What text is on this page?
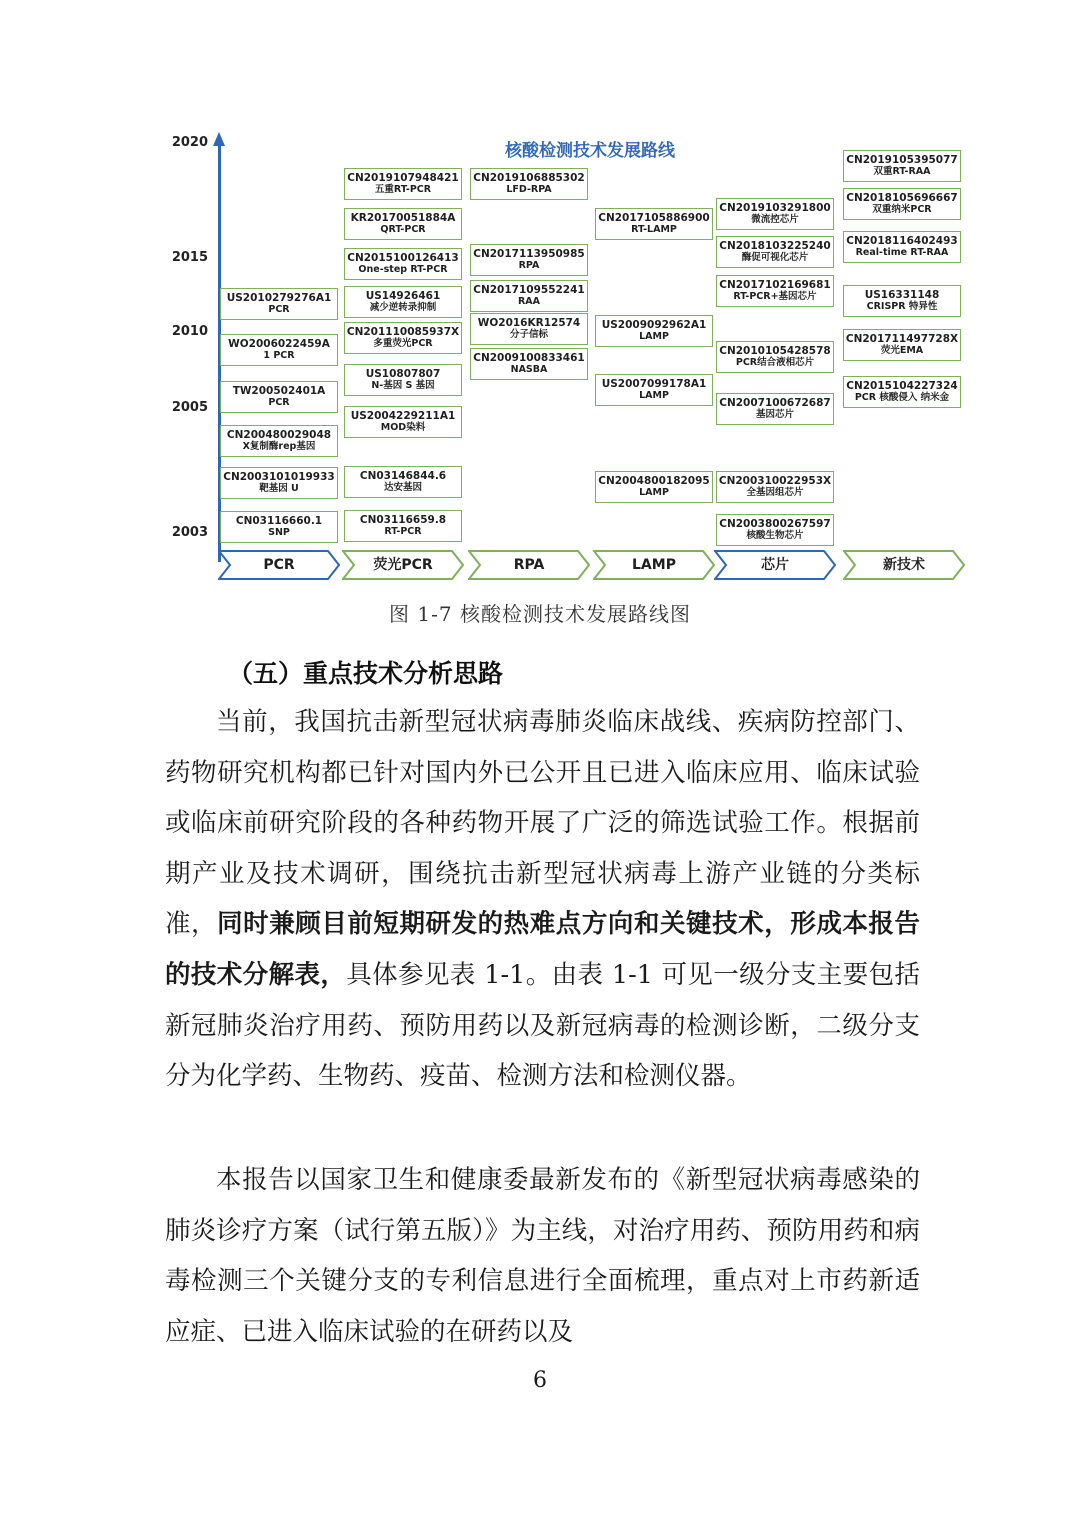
2020
2015
2010
2005
2003
核酸检测技术发展路线
US2010279276A1
PCR
WO2006022459A
1 PCR
TW200502401A
PCR
CN200480029048
X复制酶rep基因
CN2003101019933
靶基因 U
CN03116660.1
SNP
CN2019107948421
五重RT-PCR
KR20170051884A
QRT-PCR
CN2015100126413
One-step RT-PCR
US14926461
减少逆转录抑制
CN201110085937X
多重荧光PCR
US10807807
N-基因 S 基因
US2004229211A1
MOD染料
CN03146844.6
达安基因
CN03116659.8
RT-PCR
CN2019106885302
LFD-RPA
CN2017113950985
RPA
CN2017109552241
RAA
WO2016KR12574
分子信标
CN2009100833461
NASBA
CN2017105886900
RT-LAMP
US2009092962A1
LAMP
US2007099178A1
LAMP
CN2004800182095
LAMP
CN2019103291800
微流控芯片
CN2018103225240
酶促可视化芯片
CN2017102169681
RT-PCR+基因芯片
CN2010105428578
PCR结合液相芯片
CN2007100672687
基因芯片
CN200310022953X
全基因组芯片
CN2003800267597
核酸生物芯片
CN2019105395077
双重RT-RAA
CN2018105696667
双重纳米PCR
CN2018116402493
Real-time RT-RAA
US16331148
CRISPR 特异性
CN201711497728X
荧光EMA
CN2015104227324
PCR 核酸侵入 纳米金
PCR	荧光PCR	RPA	LAMP	芯片	新技术
图 1-7 核酸检测技术发展路线图
（五）重点技术分析思路

当前，我国抗击新型冠状病毒肺炎临床战线、疾病防控部门、药物研究机构都已针对国内外已公开且已进入临床应用、临床试验或临床前研究阶段的各种药物开展了广泛的筛选试验工作。根据前期产业及技术调研，围绕抗击新型冠状病毒上游产业链的分类标准，同时兼顾目前短期研发的热难点方向和关键技术，形成本报告的技术分解表，具体参见表 1-1。由表 1-1 可见一级分支主要包括新冠肺炎治疗用药、预防用药以及新冠病毒的检测诊断，二级分支分为化学药、生物药、疫苗、检测方法和检测仪器。

本报告以国家卫生和健康委最新发布的《新型冠状病毒感染的肺炎诊疗方案（试行第五版）》为主线，对治疗用药、预防用药和病毒检测三个关键分支的专利信息进行全面梳理，重点对上市药新适应症、已进入临床试验的在研药以及

6
